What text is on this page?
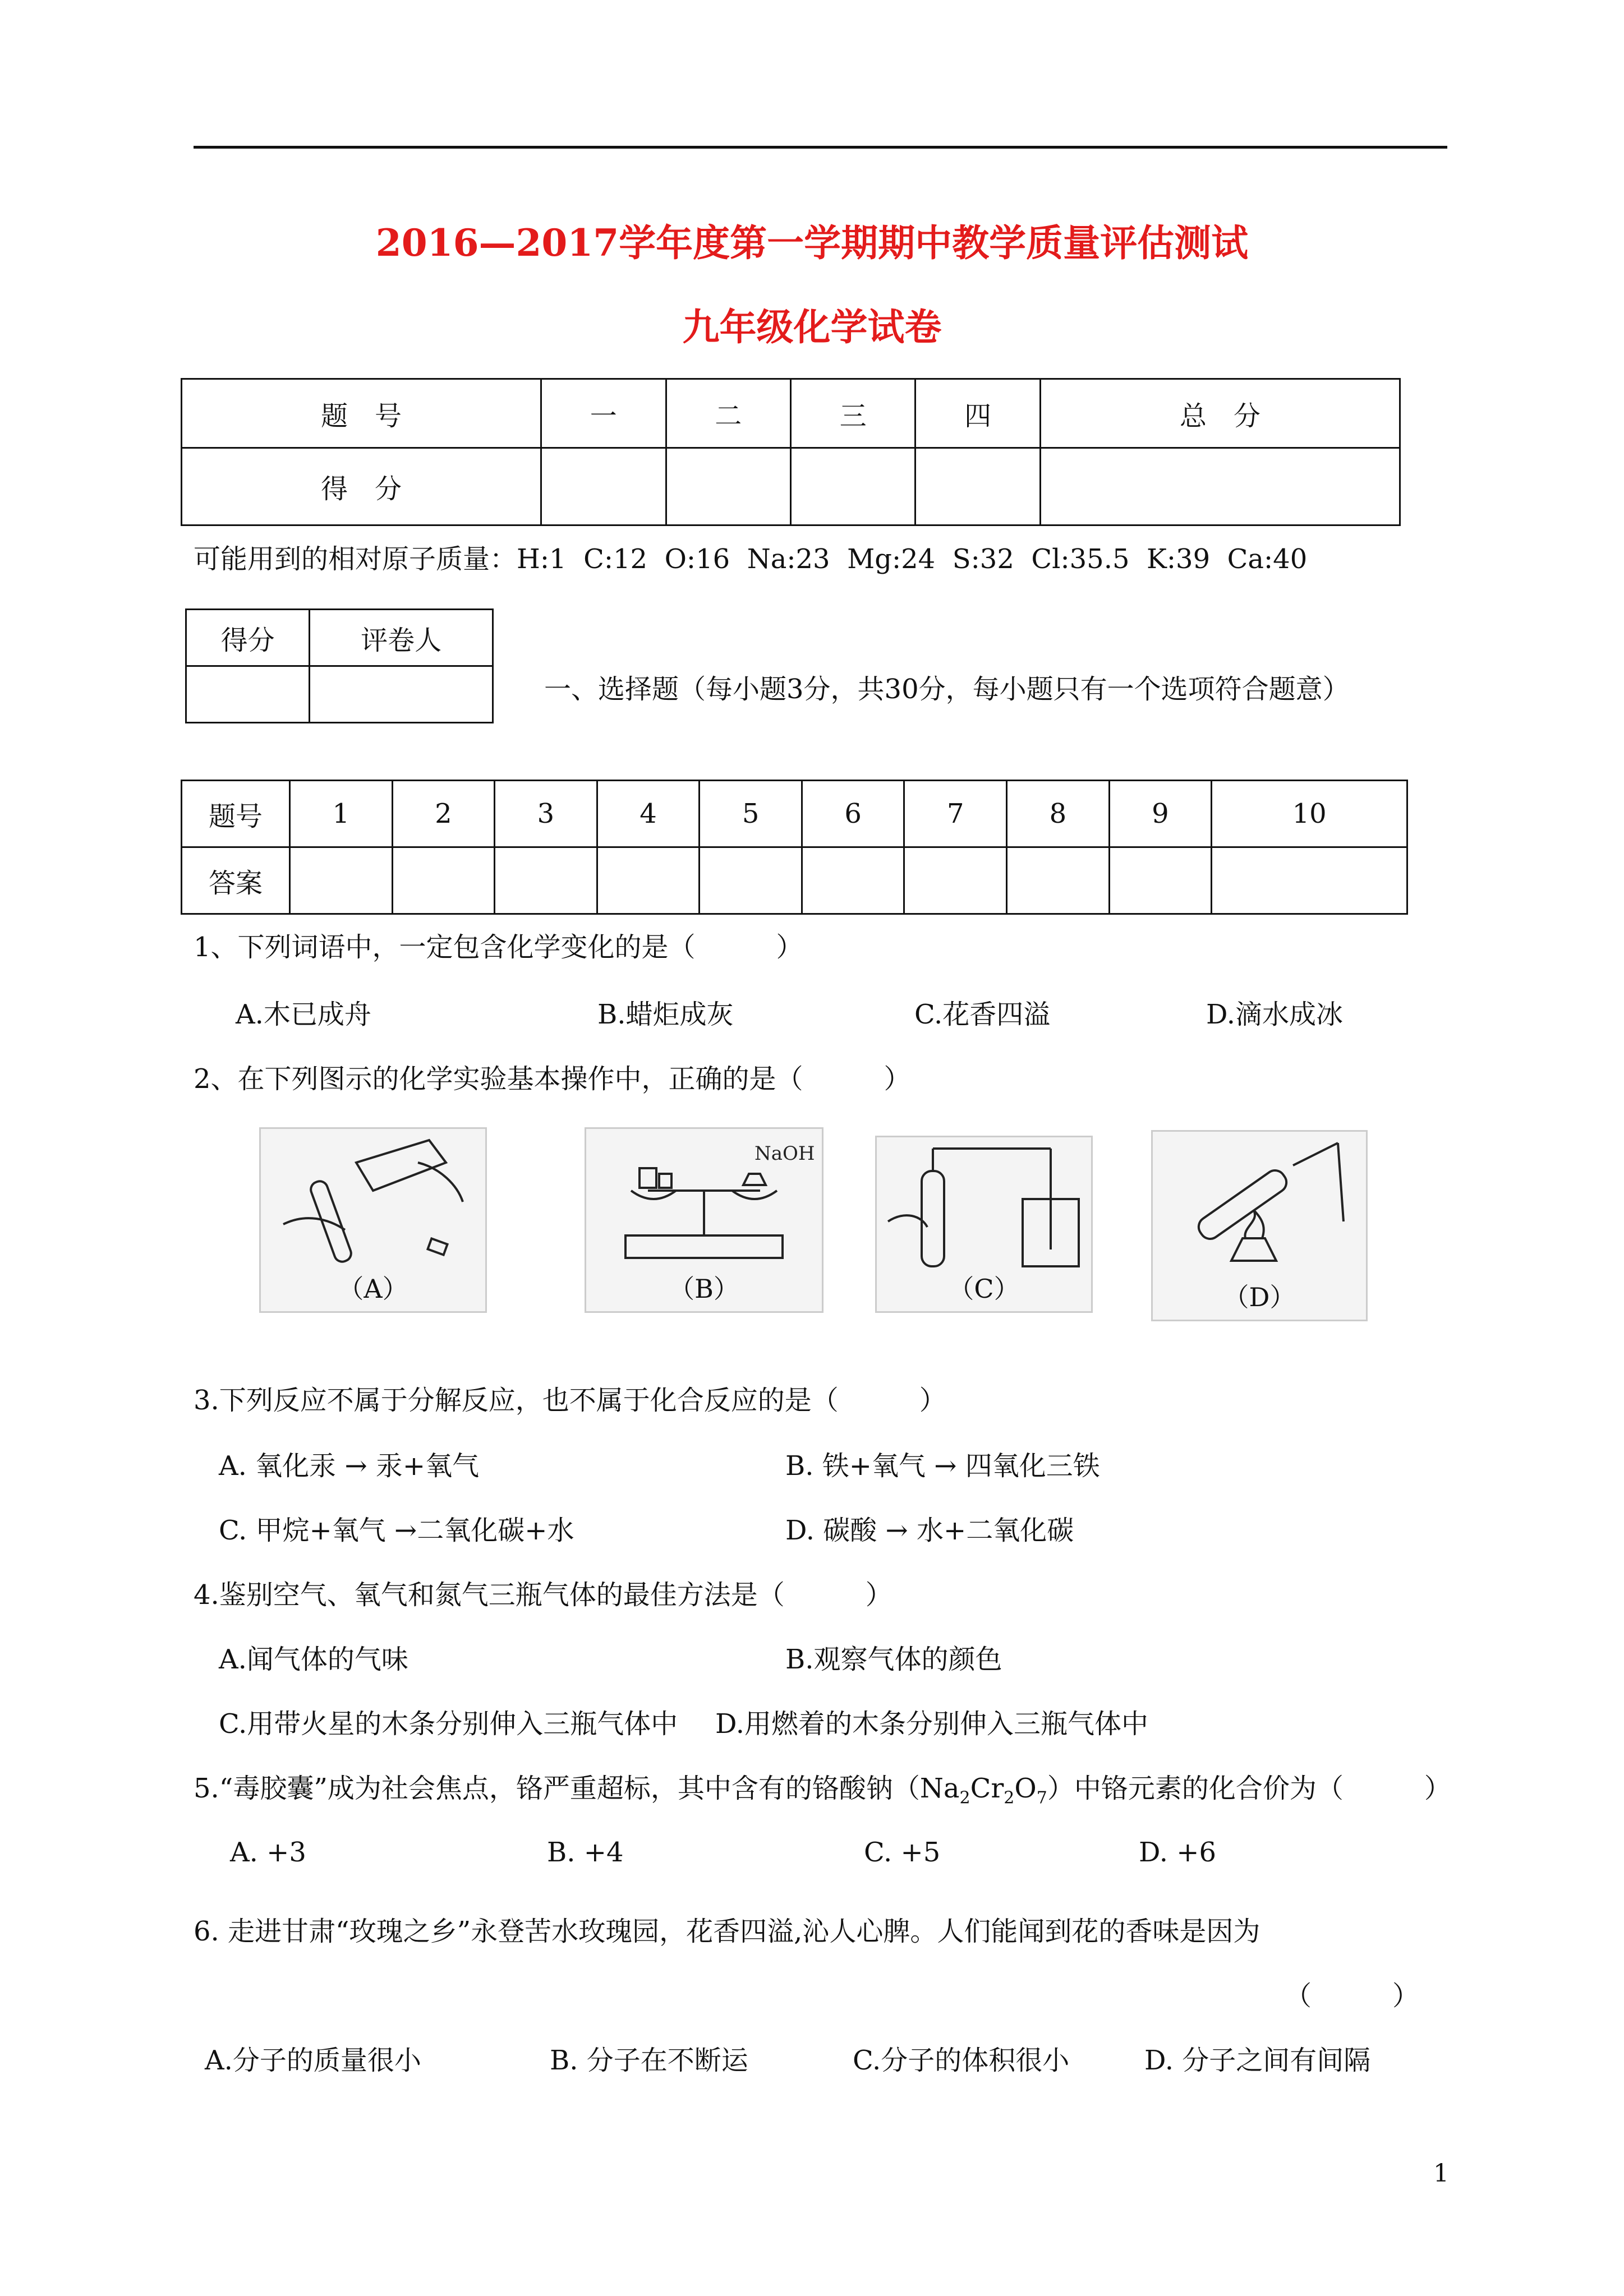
2016—2017学年度第一学期期中教学质量评估测试
九年级化学试卷
题　号	一	二	三	四	总　分
得　分					
可能用到的相对原子质量：H:1  C:12  O:16  Na:23  Mg:24  S:32  Cl:35.5  K:39  Ca:40
得分	评卷人

一、选择题（每小题3分，共30分，每小题只有一个选项符合题意）
题号	1	2	3	4	5	6	7	8	9	10
答案										
1、下列词语中，一定包含化学变化的是（　　　）
A.木已成舟	B.蜡炬成灰	C.花香四溢	D.滴水成冰
2、在下列图示的化学实验基本操作中，正确的是（　　　）
（A）
NaOH
（B）	（C）	（D）
3.下列反应不属于分解反应，也不属于化合反应的是（　　　）
A. 氧化汞 → 汞+氧气	B. 铁+氧气 → 四氧化三铁
C. 甲烷+氧气 →二氧化碳+水	D. 碳酸 → 水+二氧化碳
4.鉴别空气、氧气和氮气三瓶气体的最佳方法是（　　　）
A.闻气体的气味	B.观察气体的颜色
C.用带火星的木条分别伸入三瓶气体中 D.用燃着的木条分别伸入三瓶气体中
5.“毒胶囊”成为社会焦点，铬严重超标，其中含有的铬酸钠$(Na_2Cr_2O_7)$中铬元素的化合价为（　　　）
A. +3	B. +4	C. +5	D. +6
6. 走进甘肃“玫瑰之乡”永登苦水玫瑰园，花香四溢,沁人心脾。人们能闻到花的香味是因为
（　　　）
A.分子的质量很小	B. 分子在不断运	C.分子的体积很小	D. 分子之间有间隔
1
